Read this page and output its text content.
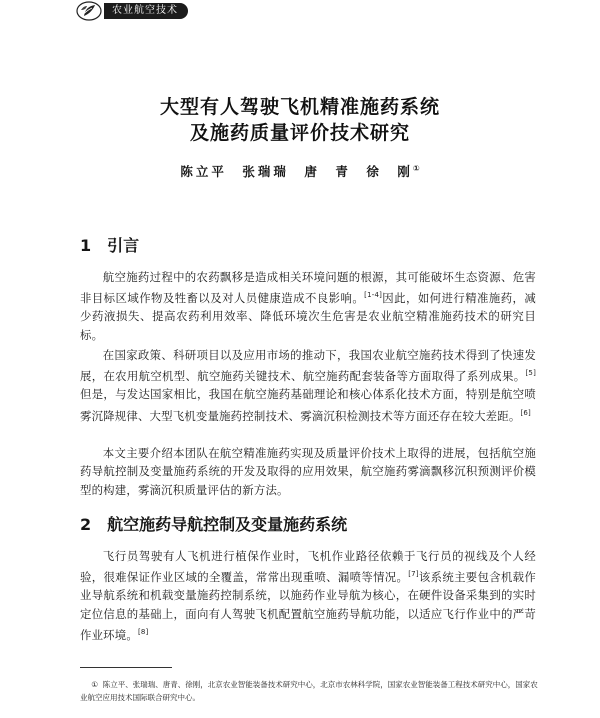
农业航空技术
大型有人驾驶飞机精准施药系统
及施药质量评价技术研究
陈立平　张瑞瑞　唐　青　徐　刚①
1 引言

航空施药过程中的农药飘移是造成相关环境问题的根源，其可能破坏生态资源、危害非目标区域作物及牲畜以及对人员健康造成不良影响。[1-4]因此，如何进行精准施药，减少药液损失、提高农药利用效率、降低环境次生危害是农业航空精准施药技术的研究目标。

在国家政策、科研项目以及应用市场的推动下，我国农业航空施药技术得到了快速发展，在农用航空机型、航空施药关键技术、航空施药配套装备等方面取得了系列成果。[5]但是，与发达国家相比，我国在航空施药基础理论和核心体系化技术方面，特别是航空喷雾沉降规律、大型飞机变量施药控制技术、雾滴沉积检测技术等方面还存在较大差距。[6]

本文主要介绍本团队在航空精准施药实现及质量评价技术上取得的进展，包括航空施药导航控制及变量施药系统的开发及取得的应用效果，航空施药雾滴飘移沉积预测评价模型的构建，雾滴沉积质量评估的新方法。

2 航空施药导航控制及变量施药系统

飞行员驾驶有人飞机进行植保作业时，飞机作业路径依赖于飞行员的视线及个人经验，很难保证作业区域的全覆盖，常常出现重喷、漏喷等情况。[7]该系统主要包含机载作业导航系统和机载变量施药控制系统，以施药作业导航为核心，在硬件设备采集到的实时定位信息的基础上，面向有人驾驶飞机配置航空施药导航功能，以适应飞行作业中的严苛作业环境。[8]

① 陈立平、张瑞瑞、唐青、徐刚，北京农业智能装备技术研究中心，北京市农林科学院，国家农业智能装备工程技术研究中心，国家农业航空应用技术国际联合研究中心。
